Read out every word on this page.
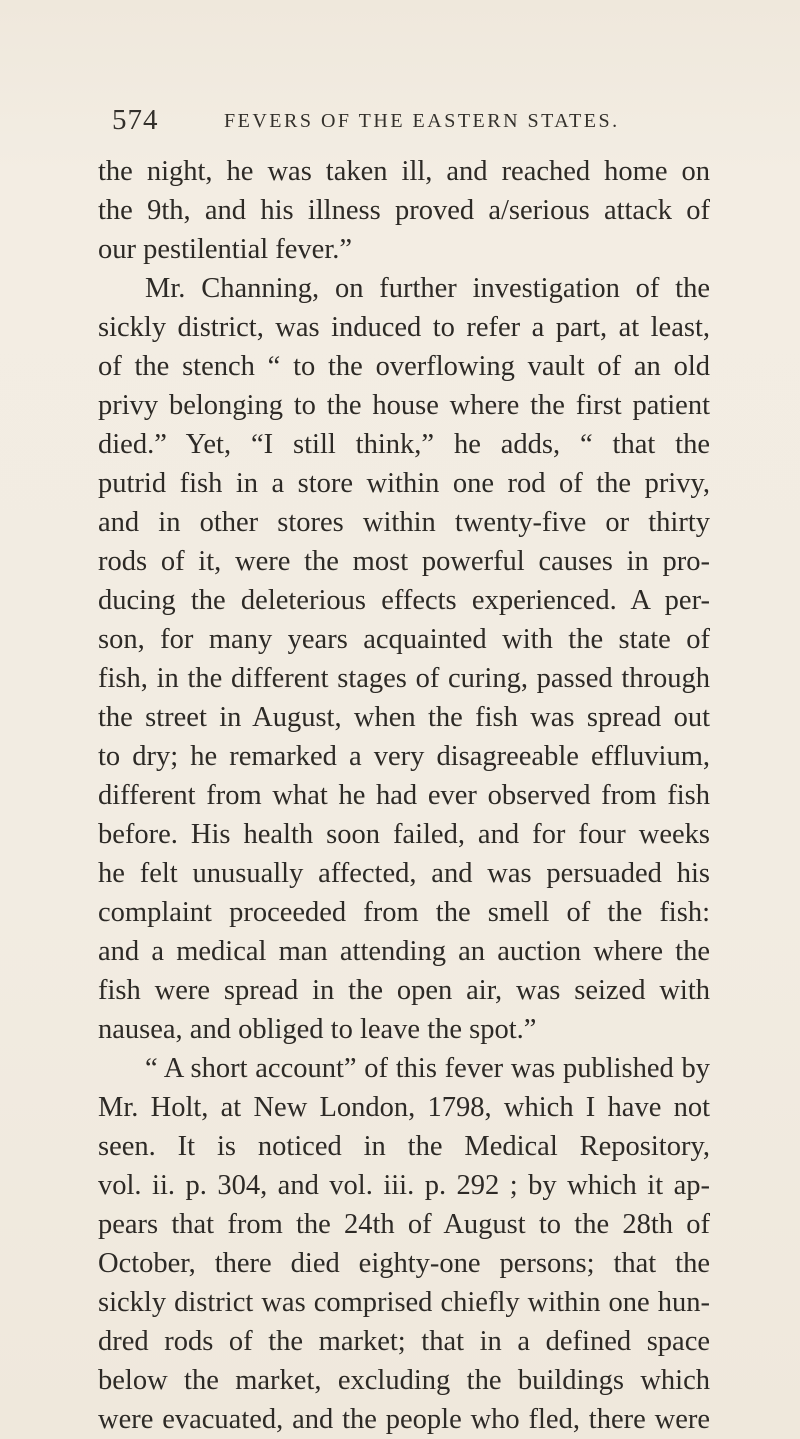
574	FEVERS OF THE EASTERN STATES.
the night, he was taken ill, and reached home on
the 9th, and his illness proved a/serious attack of
our pestilential fever.”
Mr. Channing, on further investigation of the
sickly district, was induced to refer a part, at least,
of the stench “ to the overflowing vault of an old
privy belonging to the house where the first patient
died.” Yet, “I still think,” he adds, “ that the
putrid fish in a store within one rod of the privy,
and in other stores within twenty-five or thirty
rods of it, were the most powerful causes in pro-
ducing the deleterious effects experienced. A per-
son, for many years acquainted with the state of
fish, in the different stages of curing, passed through
the street in August, when the fish was spread out
to dry; he remarked a very disagreeable effluvium,
different from what he had ever observed from fish
before. His health soon failed, and for four weeks
he felt unusually affected, and was persuaded his
complaint proceeded from the smell of the fish:
and a medical man attending an auction where the
fish were spread in the open air, was seized with
nausea, and obliged to leave the spot.”
“ A short account” of this fever was published by
Mr. Holt, at New London, 1798, which I have not
seen. It is noticed in the Medical Repository,
vol. ii. p. 304, and vol. iii. p. 292 ; by which it ap-
pears that from the 24th of August to the 28th of
October, there died eighty-one persons; that the
sickly district was comprised chiefly within one hun-
dred rods of the market; that in a defined space
below the market, excluding the buildings which
were evacuated, and the people who fled, there were
